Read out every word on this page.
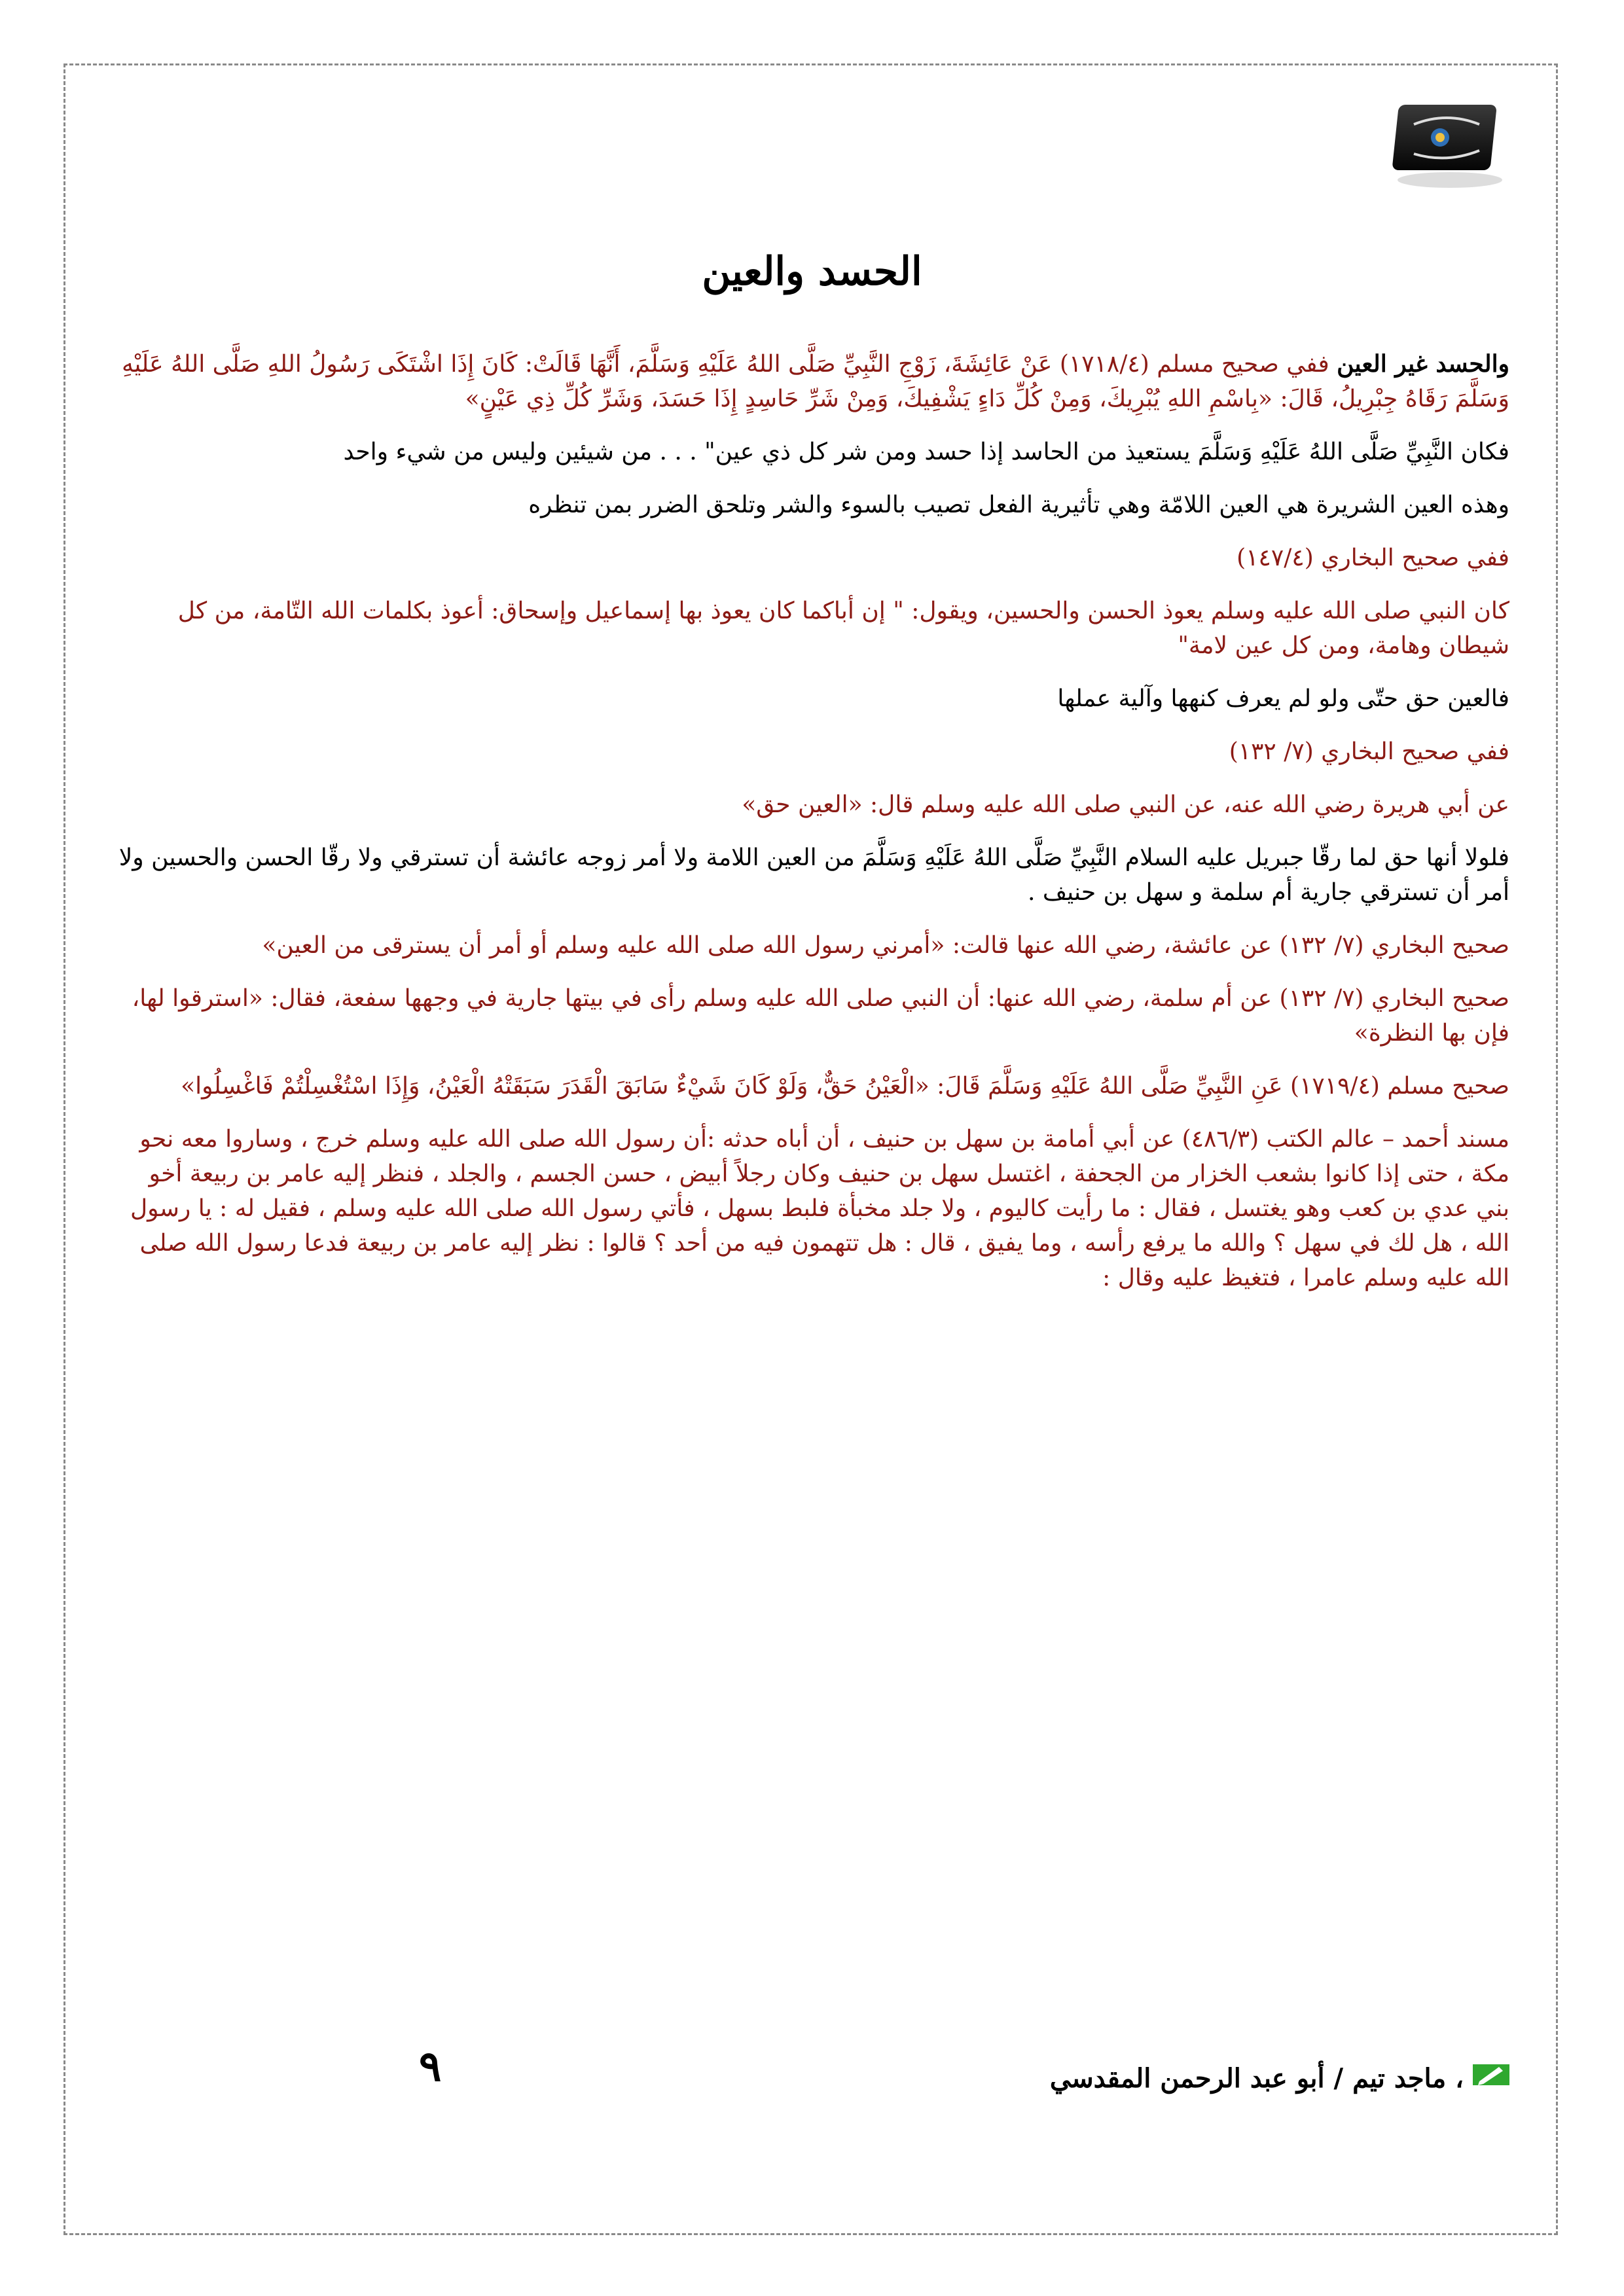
الحسد والعين
والحسد غير العين ففي صحيح مسلم (١٧١٨/٤) عَنْ عَائِشَةَ، زَوْجِ النَّبِيِّ صَلَّى اللهُ عَلَيْهِ وَسَلَّمَ، أَنَّهَا قَالَتْ: كَانَ إِذَا اشْتَكَى رَسُولُ اللهِ صَلَّى اللهُ عَلَيْهِ وَسَلَّمَ رَقَاهُ جِبْرِيلُ، قَالَ: «بِاسْمِ اللهِ يُبْرِيكَ، وَمِنْ كُلِّ دَاءٍ يَشْفِيكَ، وَمِنْ شَرِّ حَاسِدٍ إِذَا حَسَدَ، وَشَرِّ كُلِّ ذِي عَيْنٍ»
فكان النَّبِيِّ صَلَّى اللهُ عَلَيْهِ وَسَلَّمَ يستعيذ من الحاسد إذا حسد ومن شر كل ذي عين" . . . من شيئين وليس من شيء واحد
وهذه العين الشريرة هي العين اللامّة وهي تأثيرية الفعل تصيب بالسوء والشر وتلحق الضرر بمن تنظره
ففي صحيح البخاري (١٤٧/٤)
كان النبي صلى الله عليه وسلم يعوذ الحسن والحسين، ويقول: " إن أباكما كان يعوذ بها إسماعيل وإسحاق: أعوذ بكلمات الله التّامة، من كل شيطان وهامة، ومن كل عين لامة"
فالعين حق حتّى ولو لم يعرف كنهها وآلية عملها
ففي صحيح البخاري (٧/ ١٣٢)
عن أبي هريرة رضي الله عنه، عن النبي صلى الله عليه وسلم قال: «العين حق»
فلولا أنها حق لما رقّا جبريل عليه السلام النَّبِيِّ صَلَّى اللهُ عَلَيْهِ وَسَلَّمَ من العين اللامة ولا أمر زوجه عائشة أن تسترقي ولا رقّا الحسن والحسين ولا أمر أن تسترقي جارية أم سلمة و سهل بن حنيف .
صحيح البخاري (٧/ ١٣٢) عن عائشة، رضي الله عنها قالت: «أمرني رسول الله صلى الله عليه وسلم أو أمر أن يسترقى من العين»
صحيح البخاري (٧/ ١٣٢) عن أم سلمة، رضي الله عنها: أن النبي صلى الله عليه وسلم رأى في بيتها جارية في وجهها سفعة، فقال: «استرقوا لها، فإن بها النظرة»
صحيح مسلم (١٧١٩/٤) عَنِ النَّبِيِّ صَلَّى اللهُ عَلَيْهِ وَسَلَّمَ قَالَ: «الْعَيْنُ حَقٌّ، وَلَوْ كَانَ شَيْءٌ سَابَقَ الْقَدَرَ سَبَقَتْهُ الْعَيْنُ، وَإِذَا اسْتُغْسِلْتُمْ فَاغْسِلُوا»
مسند أحمد – عالم الكتب (٤٨٦/٣) عن أبي أمامة بن سهل بن حنيف ، أن أباه حدثه :أن رسول الله صلى الله عليه وسلم خرج ، وساروا معه نحو مكة ، حتى إذا كانوا بشعب الخزار من الجحفة ، اغتسل سهل بن حنيف وكان رجلاً أبيض ، حسن الجسم ، والجلد ، فنظر إليه عامر بن ربيعة أخو بني عدي بن كعب وهو يغتسل ، فقال : ما رأيت كاليوم ، ولا جلد مخبأة فلبط بسهل ، فأتي رسول الله صلى الله عليه وسلم ، فقيل له : يا رسول الله ، هل لك في سهل ؟ والله ما يرفع رأسه ، وما يفيق ، قال : هل تتهمون فيه من أحد ؟ قالوا : نظر إليه عامر بن ربيعة فدعا رسول الله صلى الله عليه وسلم عامرا ، فتغيظ عليه وقال :
٩	، ماجد تيم / أبو عبد الرحمن المقدسي
